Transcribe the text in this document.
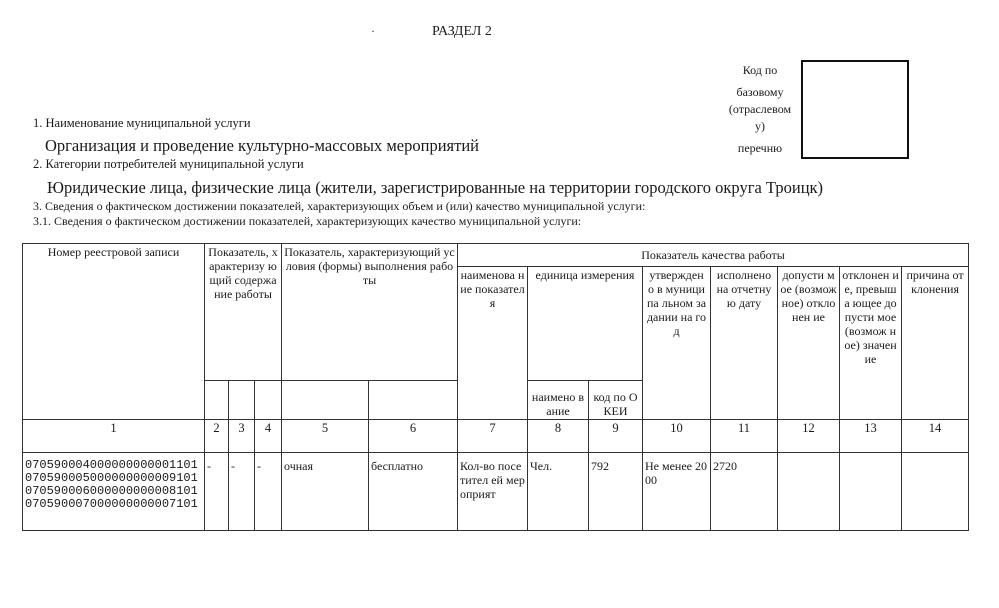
·	РАЗДЕЛ 2
Код по
базовому
(отраслевом
у)
перечню
1. Наименование муниципальной услуги
Организация и проведение культурно-массовых мероприятий
2. Категории потребителей муниципальной услуги
Юридические лица, физические лица (жители, зарегистрированные на территории городского округа Троицк)
3. Сведения о фактическом достижении показателей, характеризующих объем и (или) качество муниципальной услуги:
3.1. Сведения о фактическом достижении показателей, характеризующих качество муниципальной услуги:
Номер реестровой записи	Показатель, характеризу ющий содержание работы			Показатель, характеризующий условия (формы) выполнения работы		Показатель качества работы							
						наименова ние показател я	единица измерения		утвержден о в муниципа льном задании на год	исполнено на отчетную дату	допусти мое (возмож ное) отклонен ие	отклонен ие, превыша ющее допусти мое (возмож ное) значение	причина отклонения
							наимено вание	код по ОКЕИ					
1	2	3	4	5	6	7	8	9	10	11	12	13	14

070590004000000000001101
070590005000000000009101
070590006000000000008101
070590007000000000007101	-	-	-	очная	бесплатно	Кол-во посетител ей мероприят	Чел.	792	Не менее 2000	2720			
